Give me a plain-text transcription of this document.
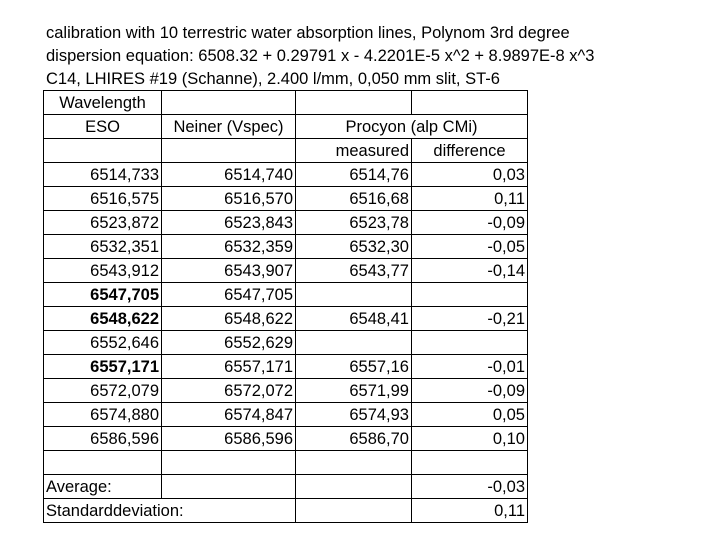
calibration with 10 terrestric water absorption lines, Polynom 3rd degree
dispersion equation: 6508.32 + 0.29791 x - 4.2201E-5 x^2 + 8.9897E-8 x^3
C14, LHIRES #19 (Schanne), 2.400 l/mm, 0,050 mm slit, ST-6
Wavelength			
ESO	Neiner (Vspec)	Procyon (alp CMi)	
		measured	difference
6514,733	6514,740	6514,76	0,03
6516,575	6516,570	6516,68	0,11
6523,872	6523,843	6523,78	-0,09
6532,351	6532,359	6532,30	-0,05
6543,912	6543,907	6543,77	-0,14
6547,705	6547,705		
6548,622	6548,622	6548,41	-0,21
6552,646	6552,629		
6557,171	6557,171	6557,16	-0,01
6572,079	6572,072	6571,99	-0,09
6574,880	6574,847	6574,93	0,05
6586,596	6586,596	6586,70	0,10

Average:			-0,03
Standarddeviation:			0,11
